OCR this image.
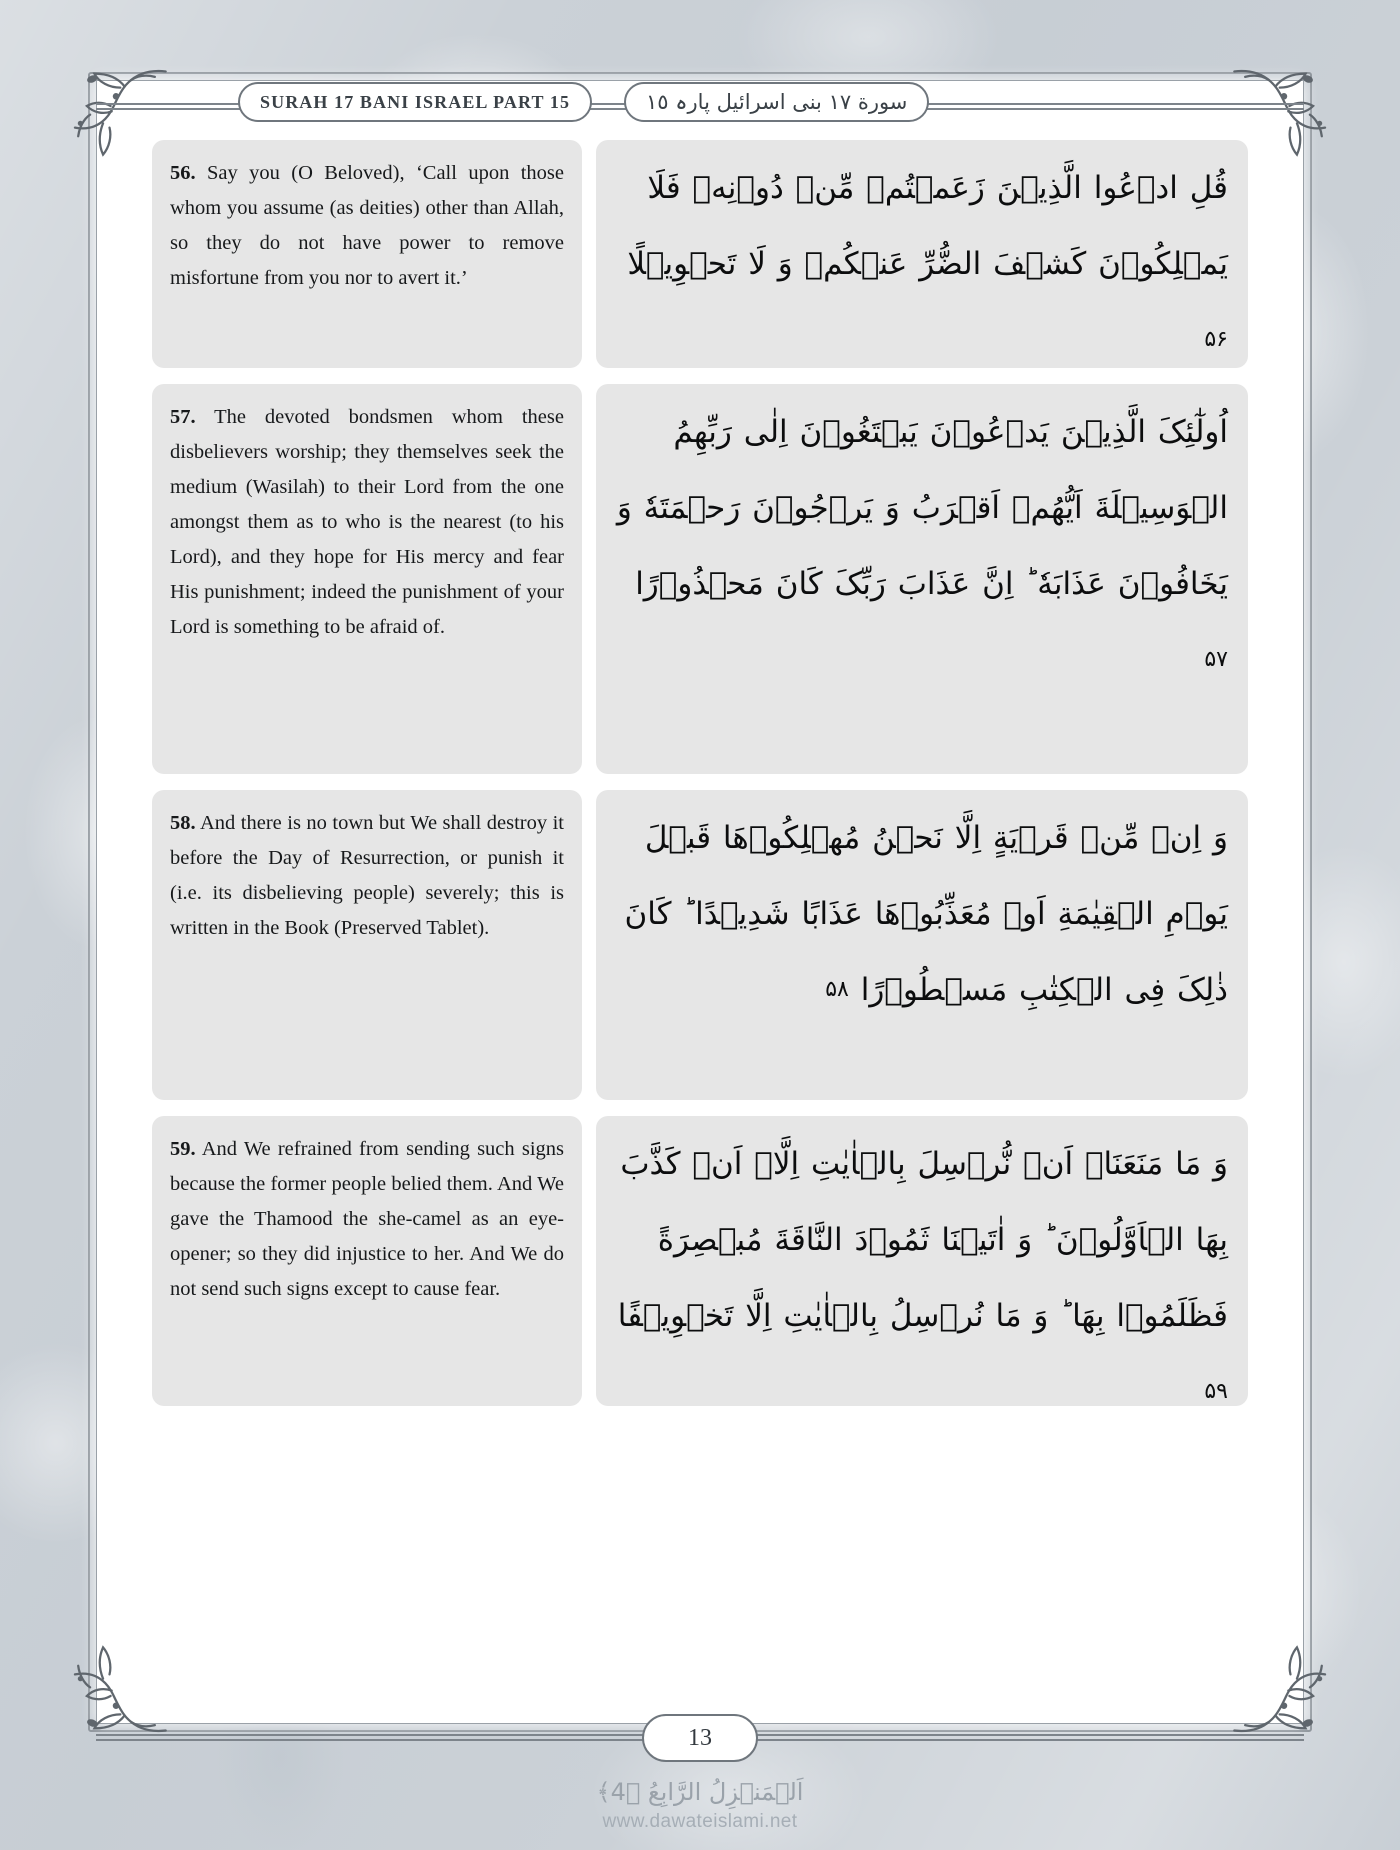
SURAH 17 BANI ISRAEL PART 15	سورة ١٧ بنی اسرائیل پارہ ١٥
56. Say you (O Beloved), ‘Call upon those whom you assume (as deities) other than Allah, so they do not have power to remove misfortune from you nor to avert it.’
قُلِ ادۡعُوا الَّذِیۡنَ زَعَمۡتُمۡ مِّنۡ دُوۡنِهٖ فَلَا یَمۡلِکُوۡنَ کَشۡفَ الضُّرِّ عَنۡکُمۡ وَ لَا تَحۡوِیۡلًا ۵۶
57. The devoted bondsmen whom these disbelievers worship; they themselves seek the medium (Wasilah) to their Lord from the one amongst them as to who is the nearest (to his Lord), and they hope for His mercy and fear His punishment; indeed the punishment of your Lord is something to be afraid of.
اُولٰٓئِکَ الَّذِیۡنَ یَدۡعُوۡنَ یَبۡتَغُوۡنَ اِلٰی رَبِّهِمُ الۡوَسِیۡلَةَ اَیُّهُمۡ اَقۡرَبُ وَ یَرۡجُوۡنَ رَحۡمَتَهٗ وَ یَخَافُوۡنَ عَذَابَهٗ ؕ اِنَّ عَذَابَ رَبِّکَ کَانَ مَحۡذُوۡرًا ۵۷
58. And there is no town but We shall destroy it before the Day of Resurrection, or punish it (i.e. its disbelieving people) severely; this is written in the Book (Preserved Tablet).
وَ اِنۡ مِّنۡ قَرۡیَةٍ اِلَّا نَحۡنُ مُهۡلِکُوۡهَا قَبۡلَ یَوۡمِ الۡقِیٰمَةِ اَوۡ مُعَذِّبُوۡهَا عَذَابًا شَدِیۡدًا ؕ کَانَ ذٰلِکَ فِی الۡکِتٰبِ مَسۡطُوۡرًا ۵۸
59. And We refrained from sending such signs because the former people belied them. And We gave the Thamood the she-camel as an eye-opener; so they did injustice to her. And We do not send such signs except to cause fear.
وَ مَا مَنَعَنَاۤ اَنۡ نُّرۡسِلَ بِالۡاٰیٰتِ اِلَّاۤ اَنۡ کَذَّبَ بِهَا الۡاَوَّلُوۡنَ ؕ وَ اٰتَیۡنَا ثَمُوۡدَ النَّاقَةَ مُبۡصِرَةً فَظَلَمُوۡا بِهَا ؕ وَ مَا نُرۡسِلُ بِالۡاٰیٰتِ اِلَّا تَخۡوِیۡفًا ۵۹
13
اَلۡمَنۡزِلُ الرَّابِعُ ﴿4﴾
www.dawateislami.net
